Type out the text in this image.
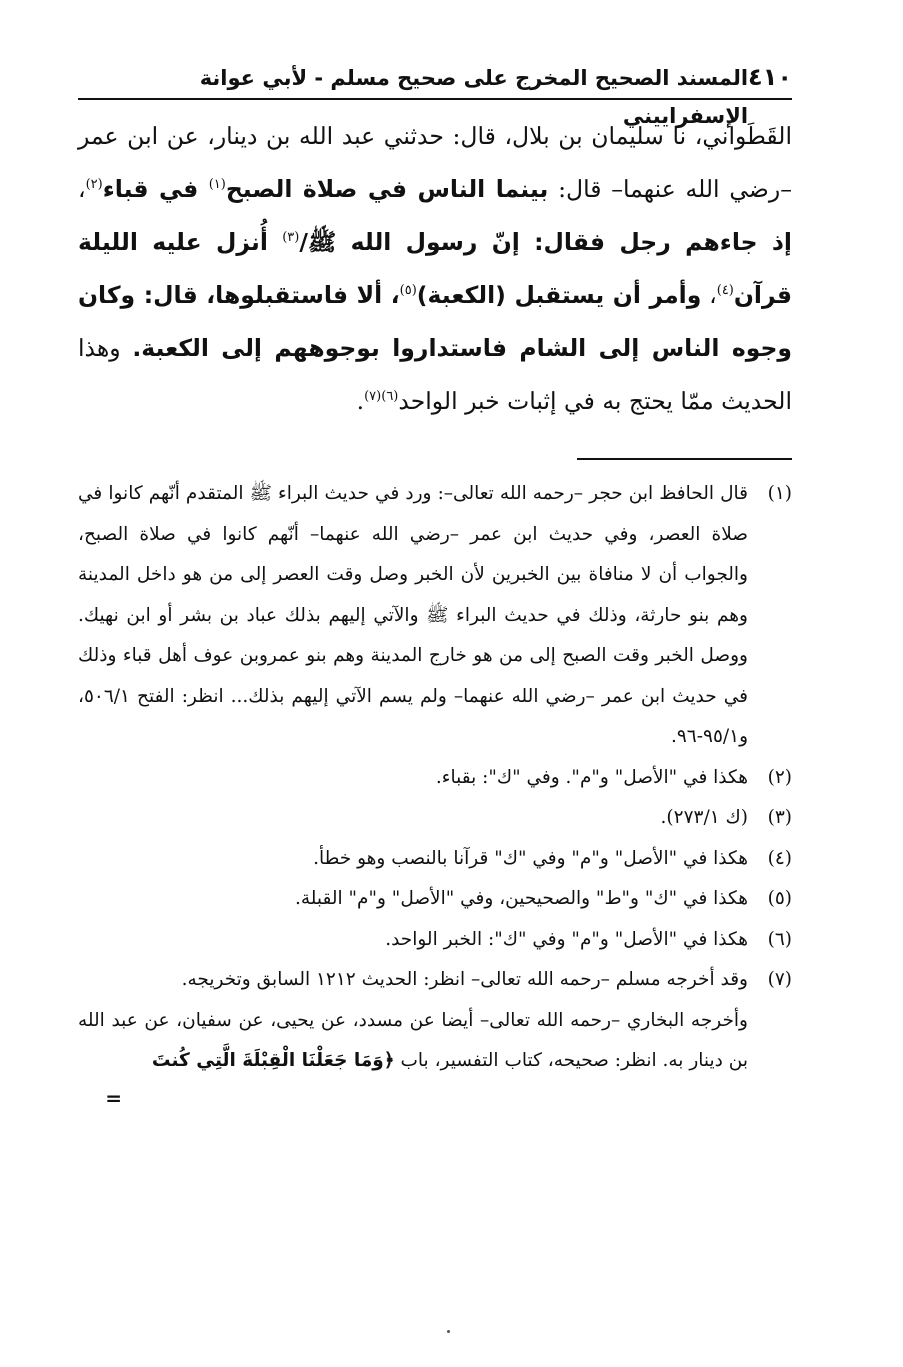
٤١٠
المسند الصحيح المخرج على صحيح مسلم - لأبي عوانة الإسفراييني
القَطَواني، نا سليمان بن بلال، قال: حدثني عبد الله بن دينار، عن ابن عمر –رضي الله عنهما– قال: بينما الناس في صلاة الصبح$^{(١)}$ في قباء$^{(٢)}$، إذ جاءهم رجل فقال: إنّ رسول الله ﷺ/$^{(٣)}$ أُنزل عليه الليلة قرآن$^{(٤)}$، وأمر أن يستقبل (الكعبة)$^{(٥)}$، ألا فاستقبلوها، قال: وكان وجوه الناس إلى الشام فاستداروا بوجوههم إلى الكعبة. وهذا الحديث ممّا يحتج به في إثبات خبر الواحد$^{(٦)(٧)}$.
(١)
قال الحافظ ابن حجر –رحمه الله تعالى–: ورد في حديث البراء ﷺ المتقدم أنّهم كانوا في صلاة العصر، وفي حديث ابن عمر –رضي الله عنهما– أنّهم كانوا في صلاة الصبح، والجواب أن لا منافاة بين الخبرين لأن الخبر وصل وقت العصر إلى من هو داخل المدينة وهم بنو حارثة، وذلك في حديث البراء ﷺ والآتي إليهم بذلك عباد بن بشر أو ابن نهيك. ووصل الخبر وقت الصبح إلى من هو خارج المدينة وهم بنو عمروبن عوف أهل قباء وذلك في حديث ابن عمر –رضي الله عنهما– ولم يسم الآتي إليهم بذلك... انظر: الفتح ٥٠٦/١، و٩٥/١-٩٦.
(٢)
هكذا في "الأصل" و"م". وفي "ك": بقباء.
(٣)
(ك ٢٧٣/١).
(٤)
هكذا في "الأصل" و"م" وفي "ك" قرآنا بالنصب وهو خطأ.
(٥)
هكذا في "ك" و"ط" والصحيحين، وفي "الأصل" و"م" القبلة.
(٦)
هكذا في "الأصل" و"م" وفي "ك": الخبر الواحد.
(٧)
وقد أخرجه مسلم –رحمه الله تعالى– انظر: الحديث ١٢١٢ السابق وتخريجه.
وأخرجه البخاري –رحمه الله تعالى– أيضا عن مسدد، عن يحيى، عن سفيان، عن عبد الله بن دينار به. انظر: صحيحه، كتاب التفسير، باب ﴿وَمَا جَعَلْنَا الْقِبْلَةَ الَّتِي كُنتَ
=
